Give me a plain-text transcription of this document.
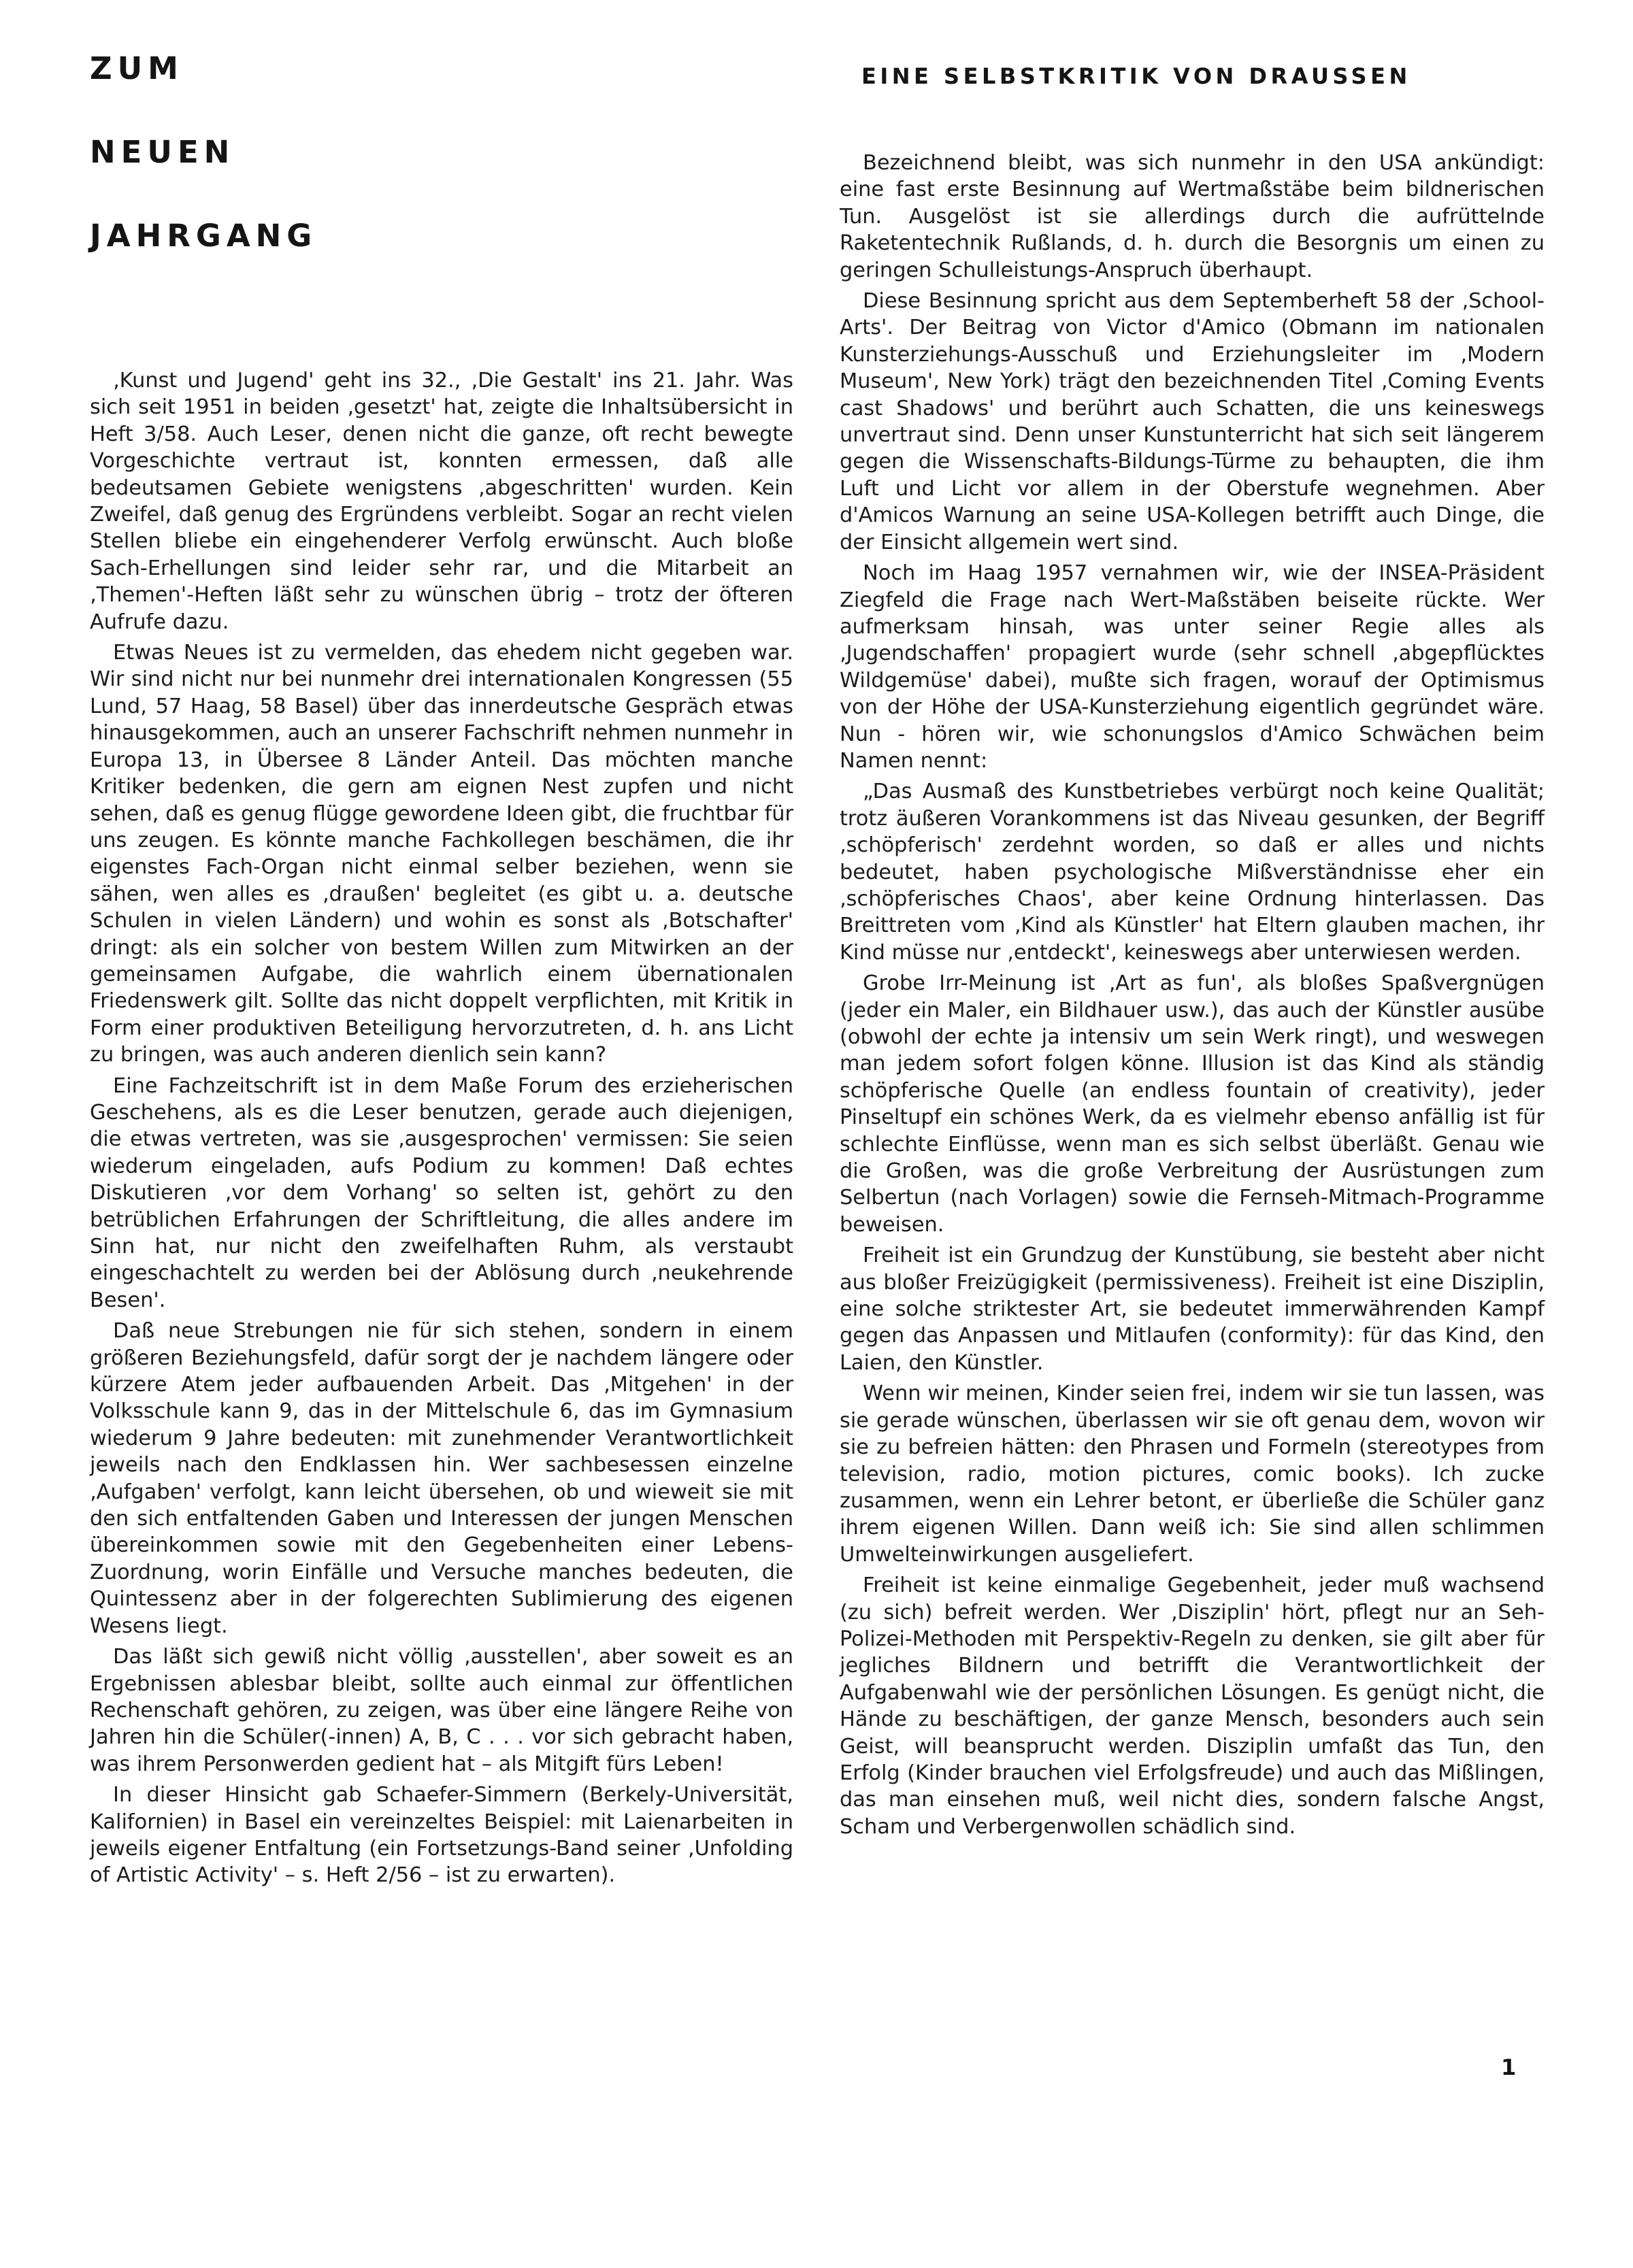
ZUM
NEUEN
JAHRGANG
EINE SELBSTKRITIK VON DRAUSSEN

‚Kunst und Jugend' geht ins 32., ‚Die Gestalt' ins 21. Jahr. Was sich seit 1951 in beiden ‚gesetzt' hat, zeigte die Inhaltsübersicht in Heft 3/58. Auch Leser, denen nicht die ganze, oft recht bewegte Vorgeschichte vertraut ist, konnten ermessen, daß alle bedeutsamen Gebiete wenigstens ‚abgeschritten' wurden. Kein Zweifel, daß genug des Ergründens verbleibt. Sogar an recht vielen Stellen bliebe ein eingehenderer Verfolg erwünscht. Auch bloße Sach-Erhellungen sind leider sehr rar, und die Mitarbeit an ‚Themen'-Heften läßt sehr zu wünschen übrig – trotz der öfteren Aufrufe dazu.

Etwas Neues ist zu vermelden, das ehedem nicht gegeben war. Wir sind nicht nur bei nunmehr drei internationalen Kongressen (55 Lund, 57 Haag, 58 Basel) über das innerdeutsche Gespräch etwas hinausgekommen, auch an unserer Fachschrift nehmen nunmehr in Europa 13, in Übersee 8 Länder Anteil. Das möchten manche Kritiker bedenken, die gern am eignen Nest zupfen und nicht sehen, daß es genug flügge gewordene Ideen gibt, die fruchtbar für uns zeugen. Es könnte manche Fachkollegen beschämen, die ihr eigenstes Fach-Organ nicht einmal selber beziehen, wenn sie sähen, wen alles es ‚draußen' begleitet (es gibt u. a. deutsche Schulen in vielen Ländern) und wohin es sonst als ‚Botschafter' dringt: als ein solcher von bestem Willen zum Mitwirken an der gemeinsamen Aufgabe, die wahrlich einem übernationalen Friedenswerk gilt. Sollte das nicht doppelt verpflichten, mit Kritik in Form einer produktiven Beteiligung hervorzutreten, d. h. ans Licht zu bringen, was auch anderen dienlich sein kann?

Eine Fachzeitschrift ist in dem Maße Forum des erzieherischen Geschehens, als es die Leser benutzen, gerade auch diejenigen, die etwas vertreten, was sie ‚ausgesprochen' vermissen: Sie seien wiederum eingeladen, aufs Podium zu kommen! Daß echtes Diskutieren ‚vor dem Vorhang' so selten ist, gehört zu den betrüblichen Erfahrungen der Schriftleitung, die alles andere im Sinn hat, nur nicht den zweifelhaften Ruhm, als verstaubt eingeschachtelt zu werden bei der Ablösung durch ‚neukehrende Besen'.

Daß neue Strebungen nie für sich stehen, sondern in einem größeren Beziehungsfeld, dafür sorgt der je nachdem längere oder kürzere Atem jeder aufbauenden Arbeit. Das ‚Mitgehen' in der Volksschule kann 9, das in der Mittelschule 6, das im Gymnasium wiederum 9 Jahre bedeuten: mit zunehmender Verantwortlichkeit jeweils nach den Endklassen hin. Wer sachbesessen einzelne ‚Aufgaben' verfolgt, kann leicht übersehen, ob und wieweit sie mit den sich entfaltenden Gaben und Interessen der jungen Menschen übereinkommen sowie mit den Gegebenheiten einer Lebens-Zuordnung, worin Einfälle und Versuche manches bedeuten, die Quintessenz aber in der folgerechten Sublimierung des eigenen Wesens liegt.

Das läßt sich gewiß nicht völlig ‚ausstellen', aber soweit es an Ergebnissen ablesbar bleibt, sollte auch einmal zur öffentlichen Rechenschaft gehören, zu zeigen, was über eine längere Reihe von Jahren hin die Schüler(-innen) A, B, C . . . vor sich gebracht haben, was ihrem Personwerden gedient hat – als Mitgift fürs Leben!

In dieser Hinsicht gab Schaefer-Simmern (Berkely-Universität, Kalifornien) in Basel ein vereinzeltes Beispiel: mit Laienarbeiten in jeweils eigener Entfaltung (ein Fortsetzungs-Band seiner ‚Unfolding of Artistic Activity' – s. Heft 2/56 – ist zu erwarten).

Bezeichnend bleibt, was sich nunmehr in den USA ankündigt: eine fast erste Besinnung auf Wertmaßstäbe beim bildnerischen Tun. Ausgelöst ist sie allerdings durch die aufrüttelnde Raketentechnik Rußlands, d. h. durch die Besorgnis um einen zu geringen Schulleistungs-Anspruch überhaupt.

Diese Besinnung spricht aus dem Septemberheft 58 der ‚School-Arts'. Der Beitrag von Victor d'Amico (Obmann im nationalen Kunsterziehungs-Ausschuß und Erziehungsleiter im ‚Modern Museum', New York) trägt den bezeichnenden Titel ‚Coming Events cast Shadows' und berührt auch Schatten, die uns keineswegs unvertraut sind. Denn unser Kunstunterricht hat sich seit längerem gegen die Wissenschafts-Bildungs-Türme zu behaupten, die ihm Luft und Licht vor allem in der Oberstufe wegnehmen. Aber d'Amicos Warnung an seine USA-Kollegen betrifft auch Dinge, die der Einsicht allgemein wert sind.

Noch im Haag 1957 vernahmen wir, wie der INSEA-Präsident Ziegfeld die Frage nach Wert-Maßstäben beiseite rückte. Wer aufmerksam hinsah, was unter seiner Regie alles als ‚Jugendschaffen' propagiert wurde (sehr schnell ‚abgepflücktes Wildgemüse' dabei), mußte sich fragen, worauf der Optimismus von der Höhe der USA-Kunsterziehung eigentlich gegründet wäre. Nun - hören wir, wie schonungslos d'Amico Schwächen beim Namen nennt:

„Das Ausmaß des Kunstbetriebes verbürgt noch keine Qualität; trotz äußeren Vorankommens ist das Niveau gesunken, der Begriff ‚schöpferisch' zerdehnt worden, so daß er alles und nichts bedeutet, haben psychologische Mißverständnisse eher ein ‚schöpferisches Chaos', aber keine Ordnung hinterlassen. Das Breittreten vom ‚Kind als Künstler' hat Eltern glauben machen, ihr Kind müsse nur ‚entdeckt', keineswegs aber unterwiesen werden.

Grobe Irr-Meinung ist ‚Art as fun', als bloßes Spaßvergnügen (jeder ein Maler, ein Bildhauer usw.), das auch der Künstler ausübe (obwohl der echte ja intensiv um sein Werk ringt), und weswegen man jedem sofort folgen könne. Illusion ist das Kind als ständig schöpferische Quelle (an endless fountain of creativity), jeder Pinseltupf ein schönes Werk, da es vielmehr ebenso anfällig ist für schlechte Einflüsse, wenn man es sich selbst überläßt. Genau wie die Großen, was die große Verbreitung der Ausrüstungen zum Selbertun (nach Vorlagen) sowie die Fernseh-Mitmach-Programme beweisen.

Freiheit ist ein Grundzug der Kunstübung, sie besteht aber nicht aus bloßer Freizügigkeit (permissiveness). Freiheit ist eine Disziplin, eine solche striktester Art, sie bedeutet immerwährenden Kampf gegen das Anpassen und Mitlaufen (conformity): für das Kind, den Laien, den Künstler.

Wenn wir meinen, Kinder seien frei, indem wir sie tun lassen, was sie gerade wünschen, überlassen wir sie oft genau dem, wovon wir sie zu befreien hätten: den Phrasen und Formeln (stereotypes from television, radio, motion pictures, comic books). Ich zucke zusammen, wenn ein Lehrer betont, er überließe die Schüler ganz ihrem eigenen Willen. Dann weiß ich: Sie sind allen schlimmen Umwelteinwirkungen ausgeliefert.

Freiheit ist keine einmalige Gegebenheit, jeder muß wachsend (zu sich) befreit werden. Wer ‚Disziplin' hört, pflegt nur an Seh-Polizei-Methoden mit Perspektiv-Regeln zu denken, sie gilt aber für jegliches Bildnern und betrifft die Verantwortlichkeit der Aufgabenwahl wie der persönlichen Lösungen. Es genügt nicht, die Hände zu beschäftigen, der ganze Mensch, besonders auch sein Geist, will beansprucht werden. Disziplin umfaßt das Tun, den Erfolg (Kinder brauchen viel Erfolgsfreude) und auch das Mißlingen, das man einsehen muß, weil nicht dies, sondern falsche Angst, Scham und Verbergenwollen schädlich sind.

1
